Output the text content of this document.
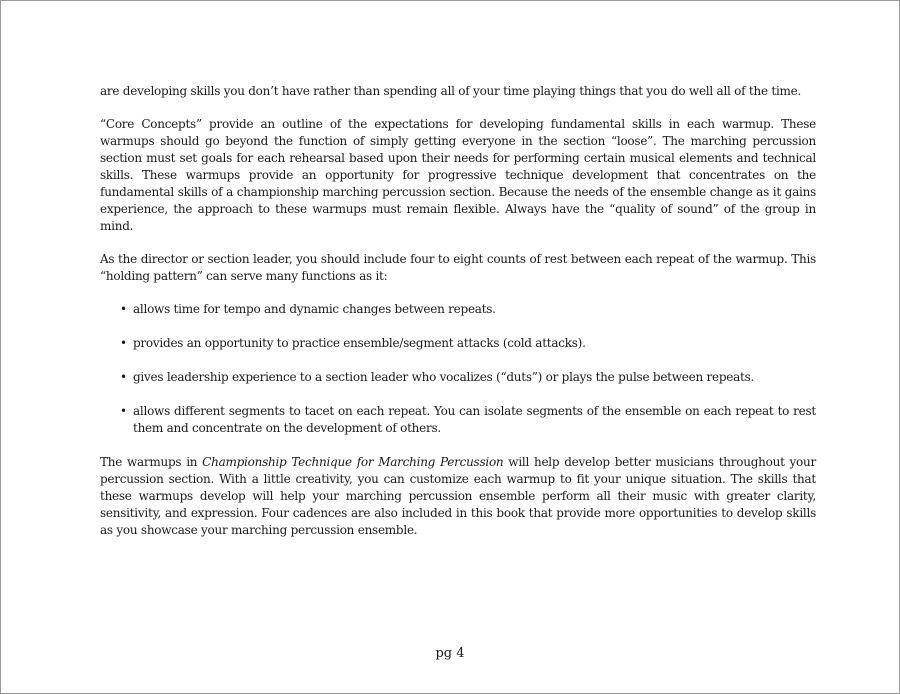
are developing skills you don’t have rather than spending all of your time playing things that you do well all of the time.

“Core Concepts” provide an outline of the expectations for developing fundamental skills in each warmup. These warmups should go beyond the function of simply getting everyone in the section “loose”. The marching percussion section must set goals for each rehearsal based upon their needs for performing certain musical elements and technical skills. These warmups provide an opportunity for progressive technique development that concentrates on the fundamental skills of a championship marching percussion section. Because the needs of the ensemble change as it gains experience, the approach to these warmups must remain flexible. Always have the “quality of sound” of the group in mind.

As the director or section leader, you should include four to eight counts of rest between each repeat of the warmup. This “holding pattern” can serve many functions as it:

• allows time for tempo and dynamic changes between repeats.
• provides an opportunity to practice ensemble/segment attacks (cold attacks).
• gives leadership experience to a section leader who vocalizes (“duts”) or plays the pulse between repeats.
• allows different segments to tacet on each repeat. You can isolate segments of the ensemble on each repeat to rest them and concentrate on the development of others.

The warmups in Championship Technique for Marching Percussion will help develop better musicians throughout your percussion section. With a little creativity, you can customize each warmup to fit your unique situation. The skills that these warmups develop will help your marching percussion ensemble perform all their music with greater clarity, sensitivity, and expression. Four cadences are also included in this book that provide more opportunities to develop skills as you showcase your marching percussion ensemble.

pg 4
